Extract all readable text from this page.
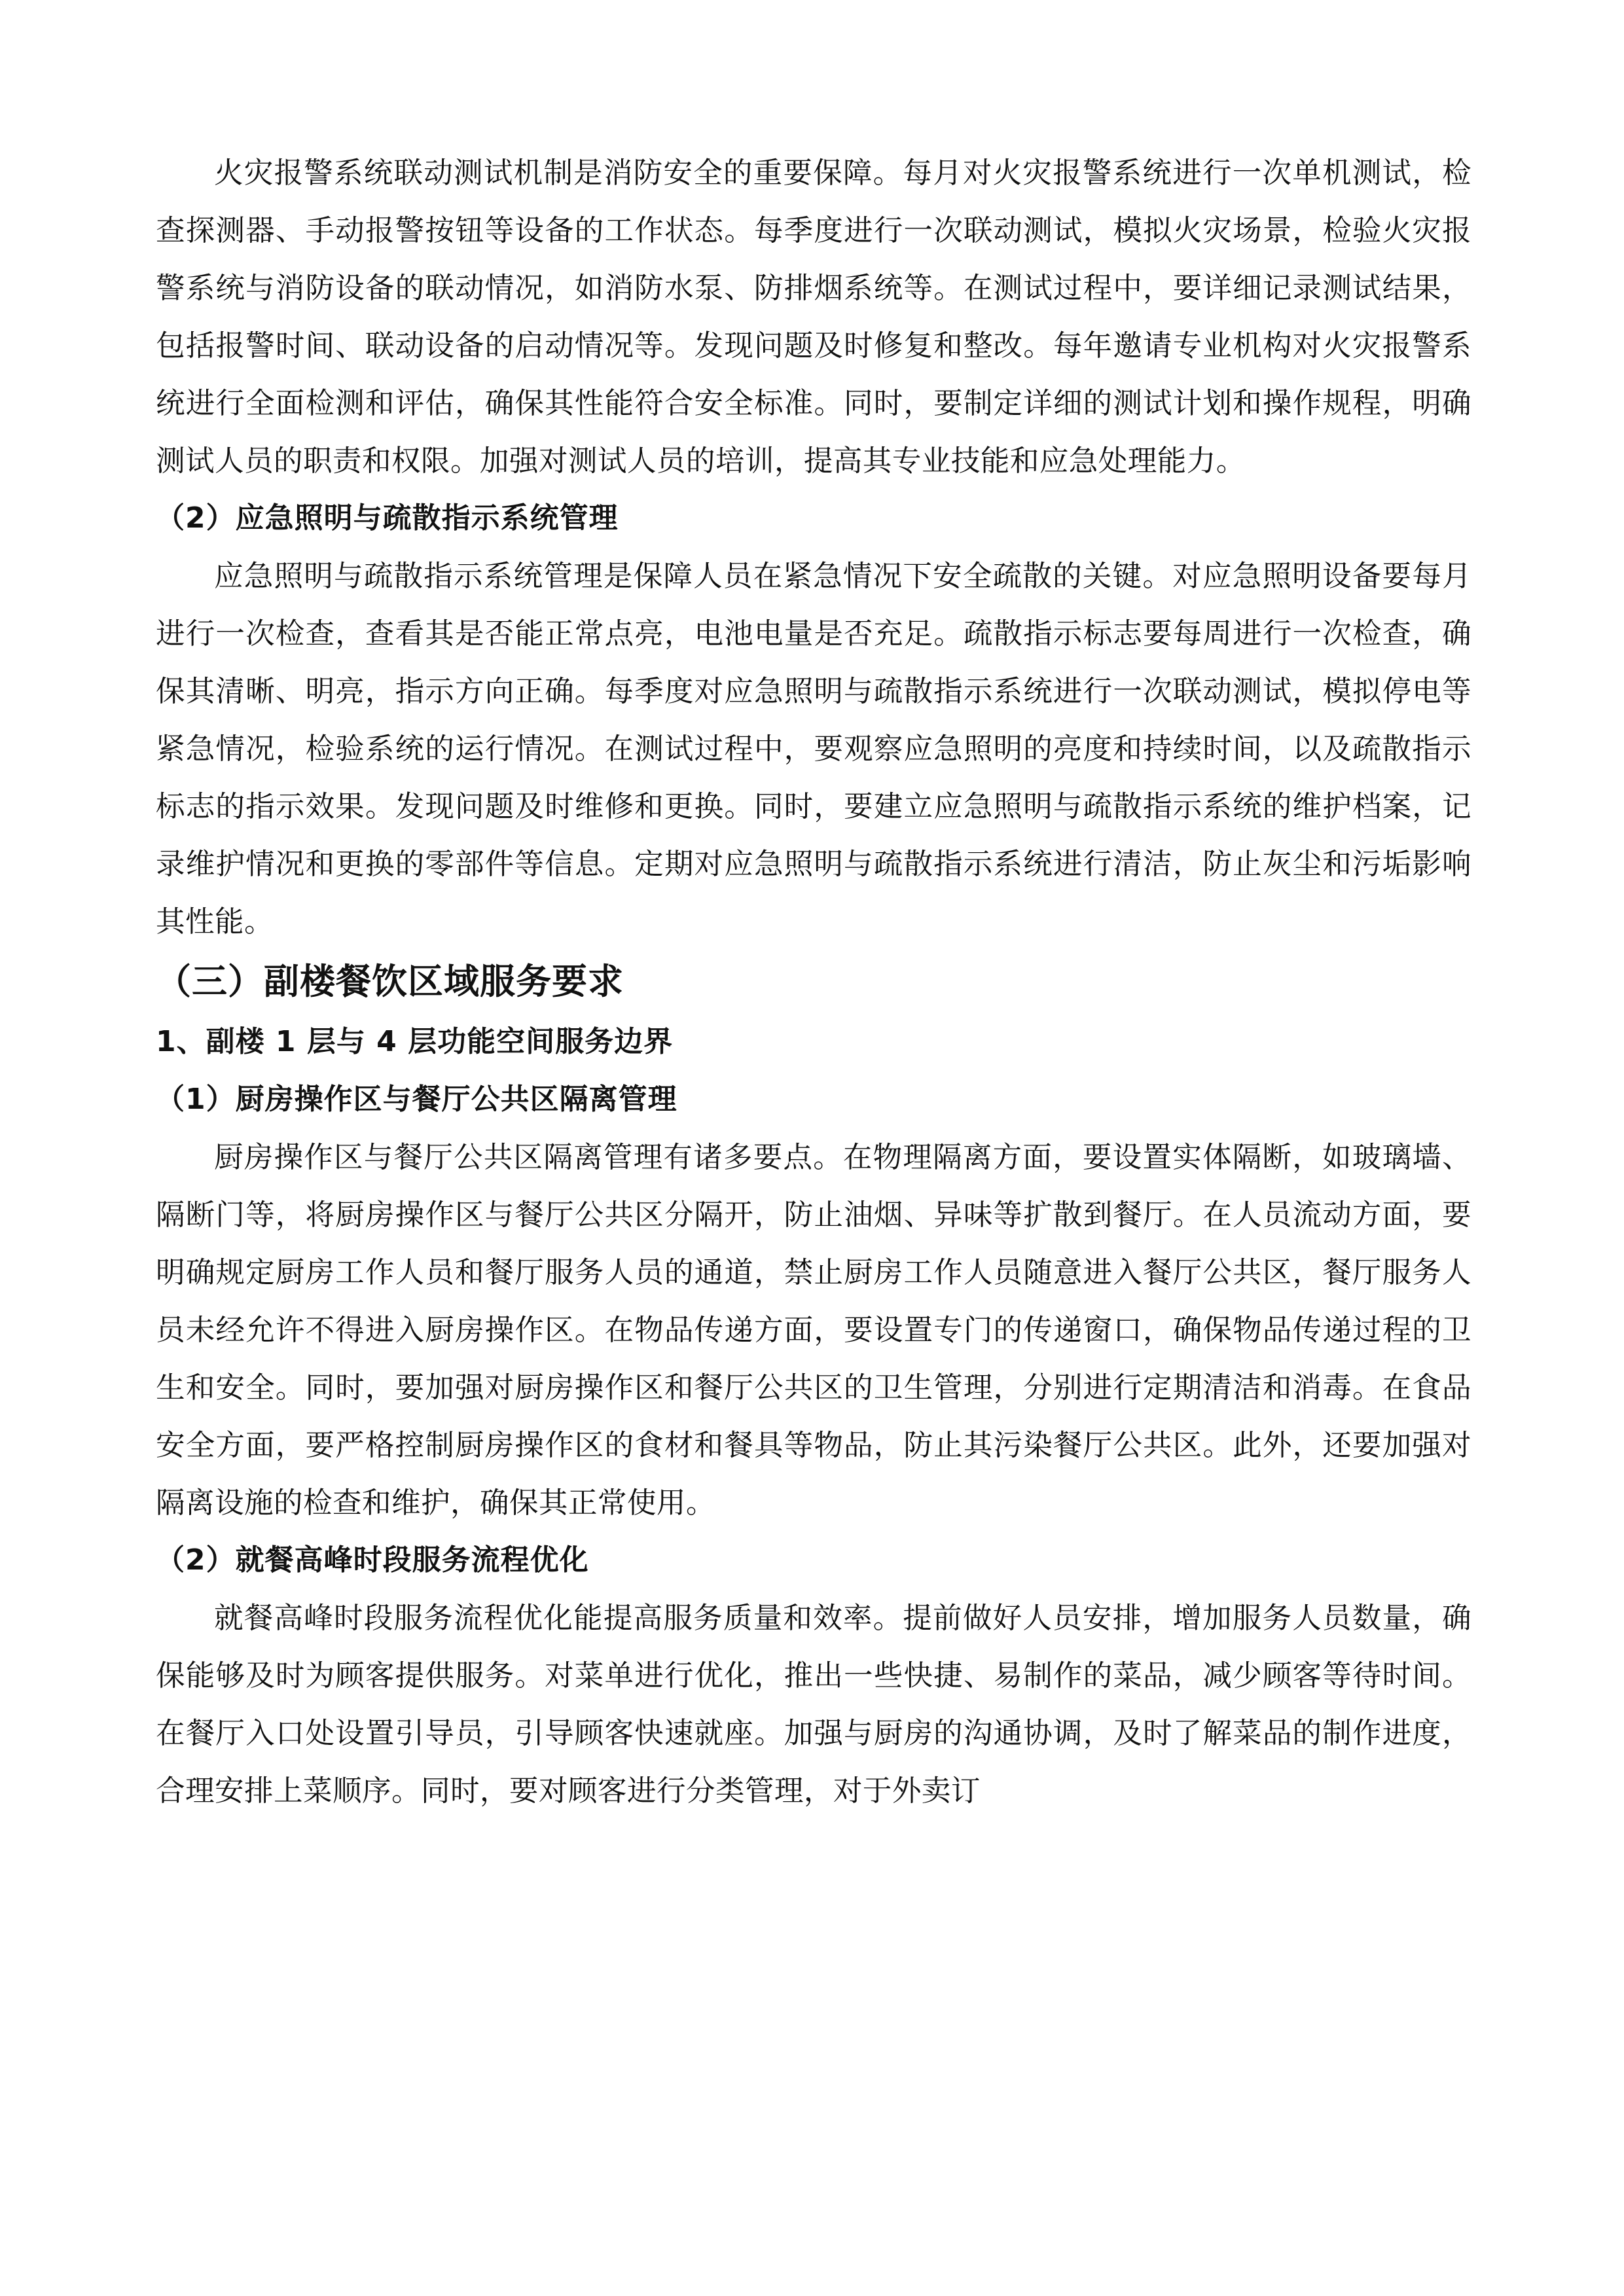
火灾报警系统联动测试机制是消防安全的重要保障。每月对火灾报警系统进行一次单机测试，检查探测器、手动报警按钮等设备的工作状态。每季度进行一次联动测试，模拟火灾场景，检验火灾报警系统与消防设备的联动情况，如消防水泵、防排烟系统等。在测试过程中，要详细记录测试结果，包括报警时间、联动设备的启动情况等。发现问题及时修复和整改。每年邀请专业机构对火灾报警系统进行全面检测和评估，确保其性能符合安全标准。同时，要制定详细的测试计划和操作规程，明确测试人员的职责和权限。加强对测试人员的培训，提高其专业技能和应急处理能力。

（2）应急照明与疏散指示系统管理

应急照明与疏散指示系统管理是保障人员在紧急情况下安全疏散的关键。对应急照明设备要每月进行一次检查，查看其是否能正常点亮，电池电量是否充足。疏散指示标志要每周进行一次检查，确保其清晰、明亮，指示方向正确。每季度对应急照明与疏散指示系统进行一次联动测试，模拟停电等紧急情况，检验系统的运行情况。在测试过程中，要观察应急照明的亮度和持续时间，以及疏散指示标志的指示效果。发现问题及时维修和更换。同时，要建立应急照明与疏散指示系统的维护档案，记录维护情况和更换的零部件等信息。定期对应急照明与疏散指示系统进行清洁，防止灰尘和污垢影响其性能。

（三）副楼餐饮区域服务要求

1、副楼 1 层与 4 层功能空间服务边界

（1）厨房操作区与餐厅公共区隔离管理

厨房操作区与餐厅公共区隔离管理有诸多要点。在物理隔离方面，要设置实体隔断，如玻璃墙、隔断门等，将厨房操作区与餐厅公共区分隔开，防止油烟、异味等扩散到餐厅。在人员流动方面，要明确规定厨房工作人员和餐厅服务人员的通道，禁止厨房工作人员随意进入餐厅公共区，餐厅服务人员未经允许不得进入厨房操作区。在物品传递方面，要设置专门的传递窗口，确保物品传递过程的卫生和安全。同时，要加强对厨房操作区和餐厅公共区的卫生管理，分别进行定期清洁和消毒。在食品安全方面，要严格控制厨房操作区的食材和餐具等物品，防止其污染餐厅公共区。此外，还要加强对隔离设施的检查和维护，确保其正常使用。

（2）就餐高峰时段服务流程优化

就餐高峰时段服务流程优化能提高服务质量和效率。提前做好人员安排，增加服务人员数量，确保能够及时为顾客提供服务。对菜单进行优化，推出一些快捷、易制作的菜品，减少顾客等待时间。在餐厅入口处设置引导员，引导顾客快速就座。加强与厨房的沟通协调，及时了解菜品的制作进度，合理安排上菜顺序。同时，要对顾客进行分类管理，对于外卖订
